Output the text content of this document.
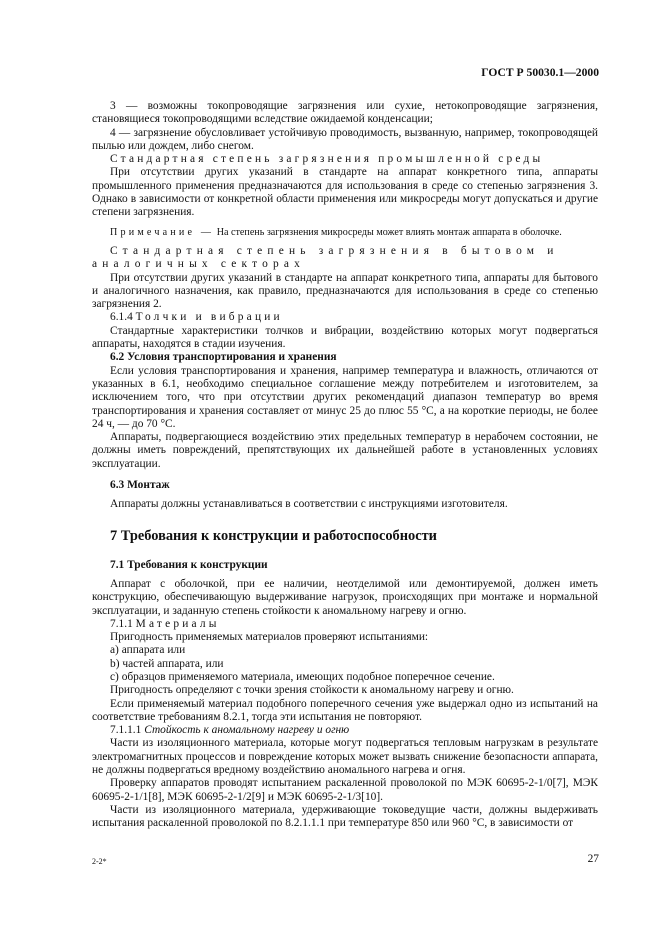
ГОСТ Р 50030.1—2000

3 — возможны токопроводящие загрязнения или сухие, нетокопроводящие загрязнения, становящиеся токопроводящими вследствие ожидаемой конденсации;

4 — загрязнение обусловливает устойчивую проводимость, вызванную, например, токопроводящей пылью или дождем, либо снегом.

Стандартная степень загрязнения промышленной среды

При отсутствии других указаний в стандарте на аппарат конкретного типа, аппараты промышленного применения предназначаются для использования в среде со степенью загрязнения 3. Однако в зависимости от конкретной области применения или микросреды могут допускаться и другие степени загрязнения.

Примечание — На степень загрязнения микросреды может влиять монтаж аппарата в оболочке.

Стандартная степень загрязнения в бытовом и аналогичных секторах

При отсутствии других указаний в стандарте на аппарат конкретного типа, аппараты для бытового и аналогичного назначения, как правило, предназначаются для использования в среде со степенью загрязнения 2.

6.1.4 Толчки и вибрации

Стандартные характеристики толчков и вибрации, воздействию которых могут подвергаться аппараты, находятся в стадии изучения.

6.2 Условия транспортирования и хранения

Если условия транспортирования и хранения, например температура и влажность, отличаются от указанных в 6.1, необходимо специальное соглашение между потребителем и изготовителем, за исключением того, что при отсутствии других рекомендаций диапазон температур во время транспортирования и хранения составляет от минус 25 до плюс 55 °С, а на короткие периоды, не более 24 ч, — до 70 °С.

Аппараты, подвергающиеся воздействию этих предельных температур в нерабочем состоянии, не должны иметь повреждений, препятствующих их дальнейшей работе в установленных условиях эксплуатации.

6.3 Монтаж

Аппараты должны устанавливаться в соответствии с инструкциями изготовителя.

7 Требования к конструкции и работоспособности

7.1 Требования к конструкции

Аппарат с оболочкой, при ее наличии, неотделимой или демонтируемой, должен иметь конструкцию, обеспечивающую выдерживание нагрузок, происходящих при монтаже и нормальной эксплуатации, и заданную степень стойкости к аномальному нагреву и огню.

7.1.1 Материалы

Пригодность применяемых материалов проверяют испытаниями:

a) аппарата или

b) частей аппарата, или

c) образцов применяемого материала, имеющих подобное поперечное сечение.

Пригодность определяют с точки зрения стойкости к аномальному нагреву и огню.

Если применяемый материал подобного поперечного сечения уже выдержал одно из испытаний на соответствие требованиям 8.2.1, тогда эти испытания не повторяют.

7.1.1.1 Стойкость к аномальному нагреву и огню

Части из изоляционного материала, которые могут подвергаться тепловым нагрузкам в результате электромагнитных процессов и повреждение которых может вызвать снижение безопасности аппарата, не должны подвергаться вредному воздействию аномального нагрева и огня.

Проверку аппаратов проводят испытанием раскаленной проволокой по МЭК 60695-2-1/0[7], МЭК 60695-2-1/1[8], МЭК 60695-2-1/2[9] и МЭК 60695-2-1/3[10].

Части из изоляционного материала, удерживающие токоведущие части, должны выдерживать испытания раскаленной проволокой по 8.2.1.1.1 при температуре 850 или 960 °С, в зависимости от

2-2*	27
